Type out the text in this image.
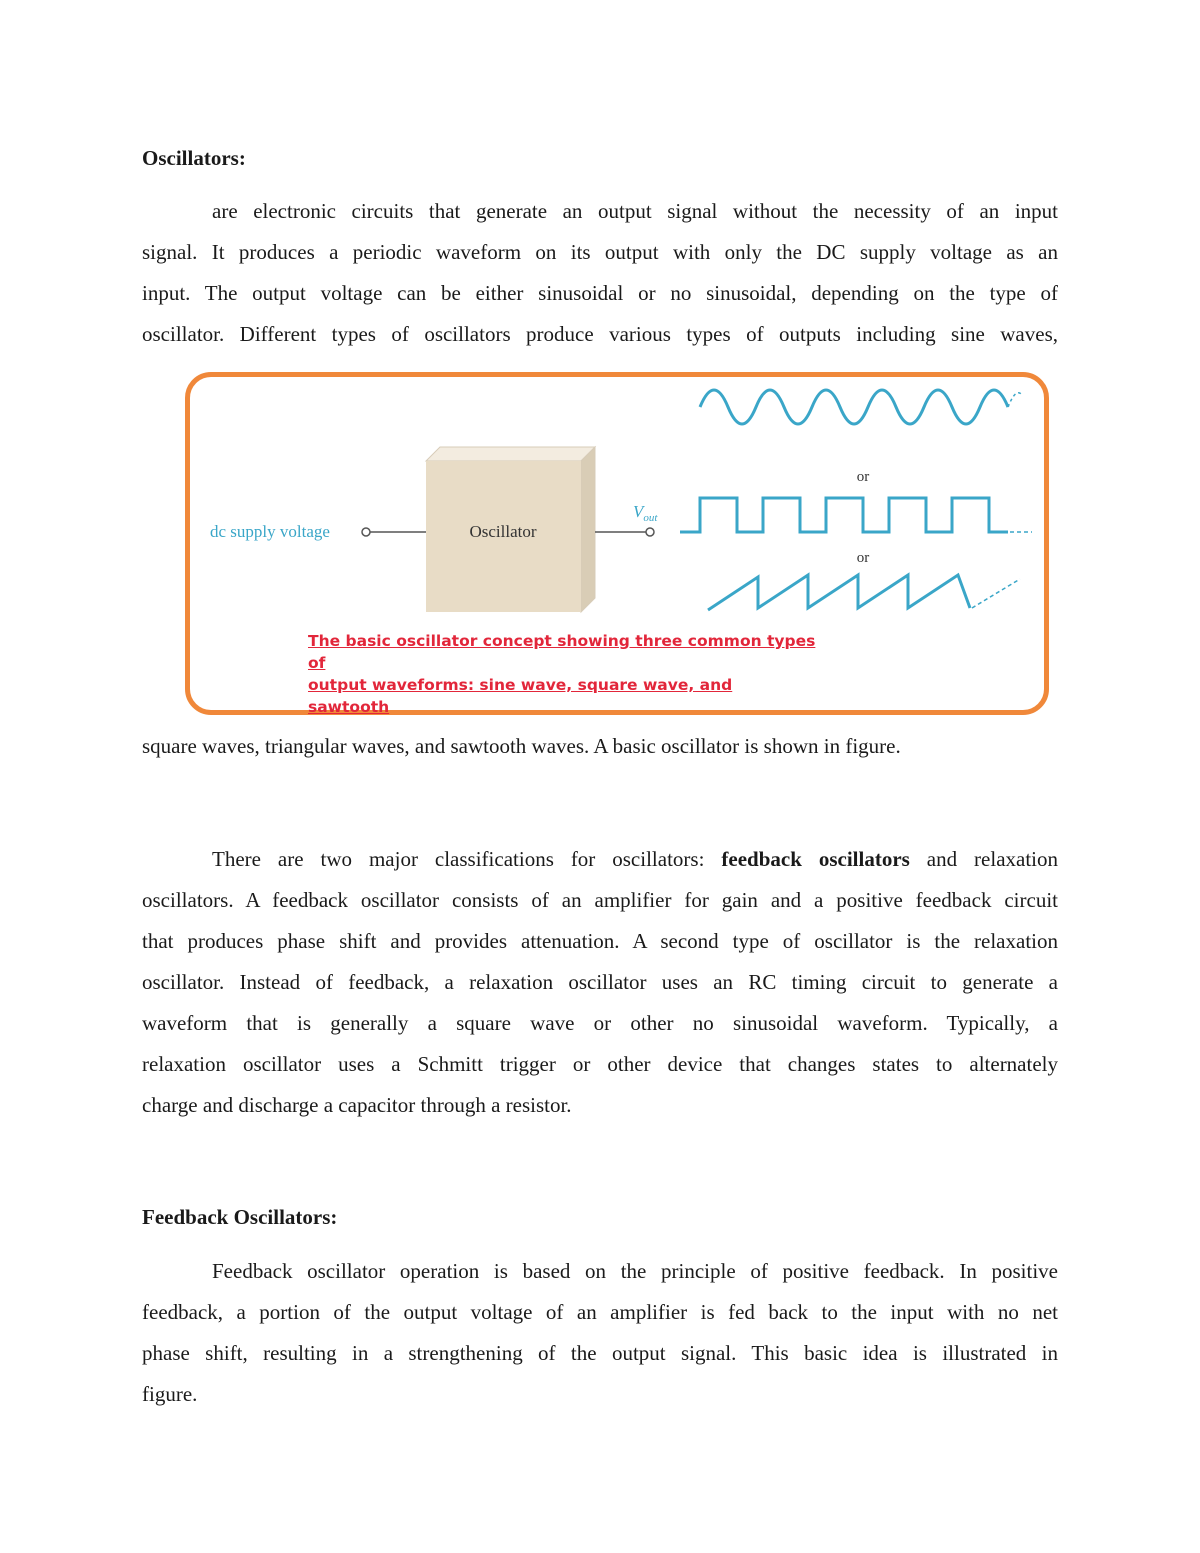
Oscillators:
are electronic circuits that generate an output signal without the necessity of an input
signal. It produces a periodic waveform on its output with only the DC supply voltage as an
input. The output voltage can be either sinusoidal or no sinusoidal, depending on the type of
oscillator. Different types of oscillators produce various types of outputs including sine waves,
Oscillator
dc supply voltage
$V_{out}$
or
or
The basic oscillator concept showing three common types of
output waveforms: sine wave, square wave, and
sawtooth
square waves, triangular waves, and sawtooth waves. A basic oscillator is shown in figure.
There are two major classifications for oscillators: feedback oscillators and relaxation
oscillators. A feedback oscillator consists of an amplifier for gain and a positive feedback circuit
that produces phase shift and provides attenuation. A second type of oscillator is the relaxation
oscillator. Instead of feedback, a relaxation oscillator uses an RC timing circuit to generate a
waveform that is generally a square wave or other no sinusoidal waveform. Typically, a
relaxation oscillator uses a Schmitt trigger or other device that changes states to alternately
charge and discharge a capacitor through a resistor.
Feedback Oscillators:
Feedback oscillator operation is based on the principle of positive feedback. In positive
feedback, a portion of the output voltage of an amplifier is fed back to the input with no net
phase shift, resulting in a strengthening of the output signal. This basic idea is illustrated in
figure.
